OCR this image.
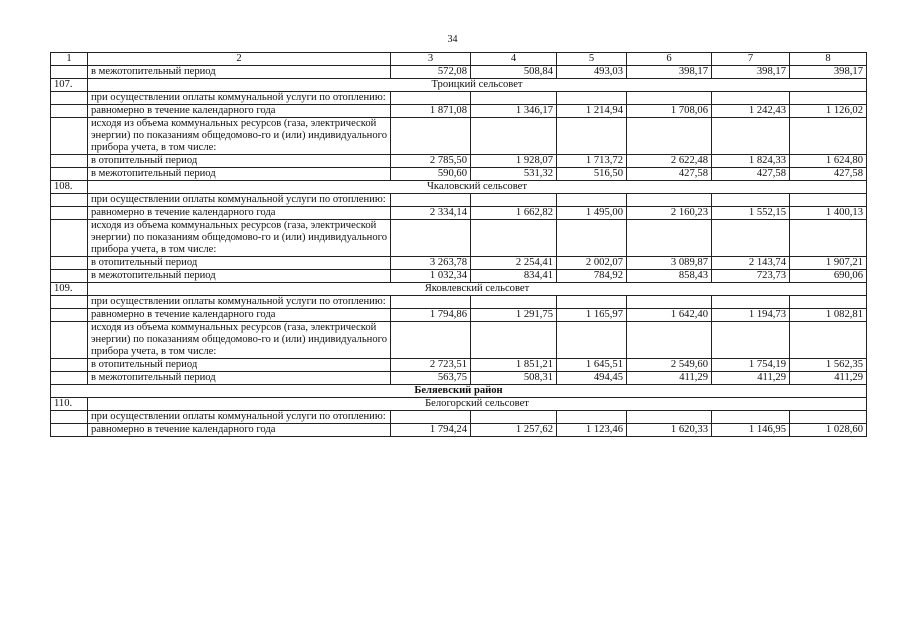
34
1	2	3	4	5	6	7	8
	в межотопительный период	572,08	508,84	493,03	398,17	398,17	398,17
107.	Троицкий сельсовет						
	при осуществлении оплаты коммунальной услуги по отоплению:						
	равномерно в течение календарного года	1 871,08	1 346,17	1 214,94	1 708,06	1 242,43	1 126,02
	исходя из объема коммунальных ресурсов (газа, электрической энергии) по показаниям общедомово-го и (или) индивидуального прибора учета, в том числе:						
	в отопительный период	2 785,50	1 928,07	1 713,72	2 622,48	1 824,33	1 624,80
	в межотопительный период	590,60	531,32	516,50	427,58	427,58	427,58
108.	Чкаловский сельсовет						
	при осуществлении оплаты коммунальной услуги по отоплению:						
	равномерно в течение календарного года	2 334,14	1 662,82	1 495,00	2 160,23	1 552,15	1 400,13
	исходя из объема коммунальных ресурсов (газа, электрической энергии) по показаниям общедомово-го и (или) индивидуального прибора учета, в том числе:						
	в отопительный период	3 263,78	2 254,41	2 002,07	3 089,87	2 143,74	1 907,21
	в межотопительный период	1 032,34	834,41	784,92	858,43	723,73	690,06
109.	Яковлевский сельсовет						
	при осуществлении оплаты коммунальной услуги по отоплению:						
	равномерно в течение календарного года	1 794,86	1 291,75	1 165,97	1 642,40	1 194,73	1 082,81
	исходя из объема коммунальных ресурсов (газа, электрической энергии) по показаниям общедомово-го и (или) индивидуального прибора учета, в том числе:						
	в отопительный период	2 723,51	1 851,21	1 645,51	2 549,60	1 754,19	1 562,35
	в межотопительный период	563,75	508,31	494,45	411,29	411,29	411,29
Беляевский район							
110.	Белогорский сельсовет						
	при осуществлении оплаты коммунальной услуги по отоплению:						
	равномерно в течение календарного года	1 794,24	1 257,62	1 123,46	1 620,33	1 146,95	1 028,60
